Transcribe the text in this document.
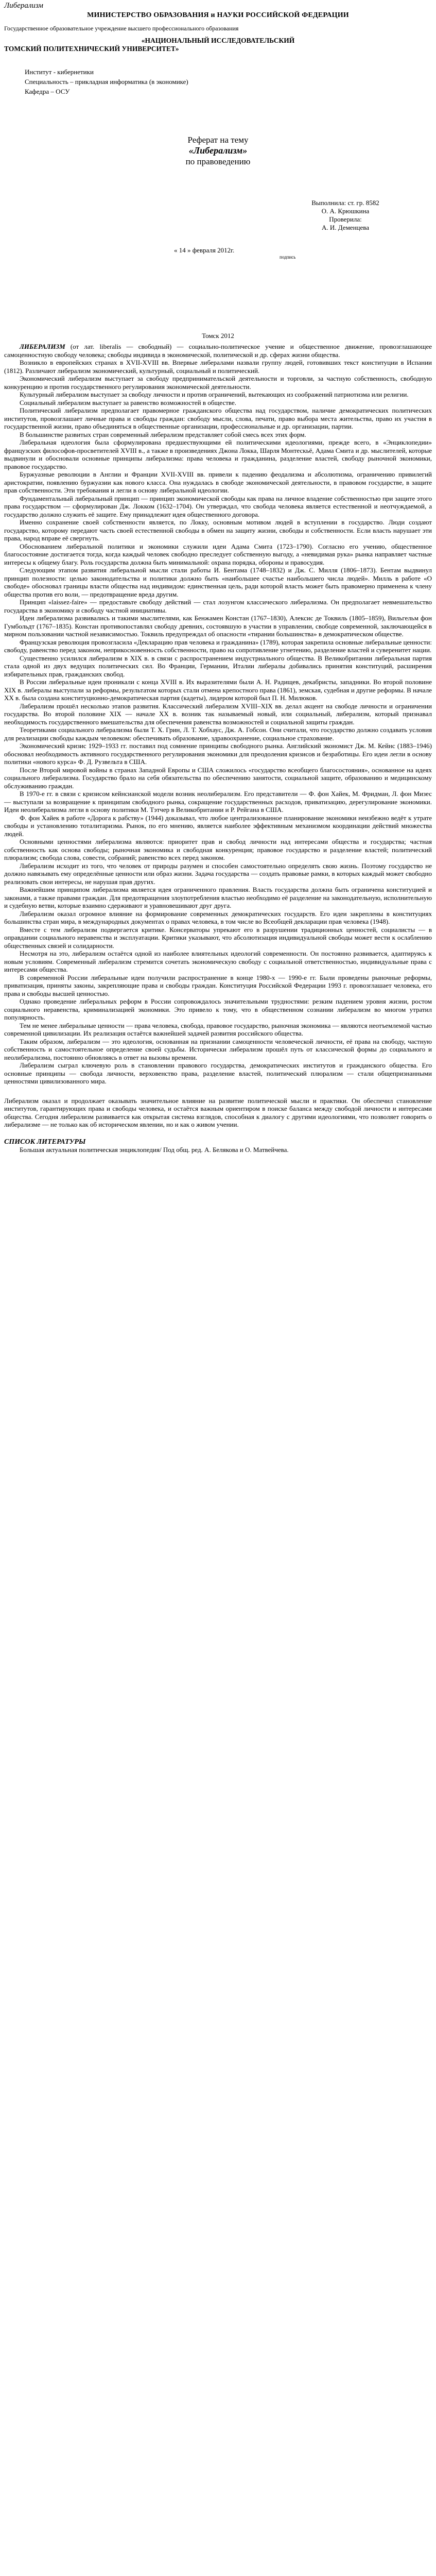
Либерализм
МИНИСТЕРСТВО ОБРАЗОВАНИЯ и НАУКИ РОССИЙСКОЙ ФЕДЕРАЦИИ
Государственное образовательное учреждение высшего профессионального образования
«НАЦИОНАЛЬНЫЙ ИССЛЕДОВАТЕЛЬСКИЙ
ТОМСКИЙ ПОЛИТЕХНИЧЕСКИЙ УНИВЕРСИТЕТ»
Институт - кибернетики
Специальность – прикладная информатика (в экономике)
Кафедра – ОСУ
Реферат на тему
«Либерализм»
по правоведению
Выполнила: ст. гр. 8582
О. А. Крюшкина
Проверила:
А. И. Деменцева
« 14 » февраля 2012г.
подпись
Томск 2012

ЛИБЕРАЛИЗМ (от лат. liberalis — свободный) — социально-политическое учение и общественное движение, провозглашающее самоценностную свободу человека; свободы индивида в экономической, политической и др. сферах жизни общества.

Возникло в европейских странах в XVII-XVIII вв. Впервые либералами назвали группу людей, готовивших текст конституции в Испании (1812). Различают либерализм экономический, культурный, социальный и политический.

Экономический либерализм выступает за свободу предпринимательской деятельности и торговли, за частную собственность, свободную конкуренцию и против государственного регулирования экономической деятельности.

Культурный либерализм выступает за свободу личности и против ограничений, вытекающих из соображений патриотизма или религии.

Социальный либерализм выступает за равенство возможностей в обществе.

Политический либерализм предполагает правомерное гражданского общества над государством, наличие демократических политических институтов, провозглашает личные права и свободы граждан: свободу мысли, слова, печати, право выбора места жительства, право их участия в государственной жизни, право объединяться в общественные организации, профессиональные и др. организации, партии.

В большинстве развитых стран современный либерализм представляет собой смесь всех этих форм.

Либеральная идеология была сформулирована предшествующими ей политическими идеологиями, прежде всего, в «Энциклопедии» французских философов-просветителей XVIII в., а также в произведениях Джона Локка, Шарля Монтескьё, Адама Смита и др. мыслителей, которые выдвинули и обосновали основные принципы либерализма: права человека и гражданина, разделение властей, свободу рыночной экономики, правовое государство.

Буржуазные революции в Англии и Франции XVII-XVIII вв. привели к падению феодализма и абсолютизма, ограничению привилегий аристократии, появлению буржуазии как нового класса. Она нуждалась в свободе экономической деятельности, в правовом государстве, в защите прав собственности. Эти требования и легли в основу либеральной идеологии.

Фундаментальный либеральный принцип — принцип экономической свободы как права на личное владение собственностью при защите этого права государством — сформулирован Дж. Локком (1632–1704). Он утверждал, что свобода человека является естественной и неотчуждаемой, а государство должно служить её защите. Ему принадлежит идея общественного договора.

Именно сохранение своей собственности является, по Локку, основным мотивом людей в вступлении в государство. Люди создают государство, которому передают часть своей естественной свободы в обмен на защиту жизни, свободы и собственности. Если власть нарушает эти права, народ вправе её свергнуть.

Обоснованием либеральной политики и экономики служили идеи Адама Смита (1723–1790). Согласно его учению, общественное благосостояние достигается тогда, когда каждый человек свободно преследует собственную выгоду, а «невидимая рука» рынка направляет частные интересы к общему благу. Роль государства должна быть минимальной: охрана порядка, обороны и правосудия.

Следующим этапом развития либеральной мысли стали работы И. Бентама (1748–1832) и Дж. С. Милля (1806–1873). Бентам выдвинул принцип полезности: целью законодательства и политики должно быть «наибольшее счастье наибольшего числа людей». Милль в работе «О свободе» обосновал границы власти общества над индивидом: единственная цель, ради которой власть может быть правомерно применена к члену общества против его воли, — предотвращение вреда другим.

Принцип «laissez-faire» — предоставьте свободу действий — стал лозунгом классического либерализма. Он предполагает невмешательство государства в экономику и свободу частной инициативы.

Идеи либерализма развивались и такими мыслителями, как Бенжамен Констан (1767–1830), Алексис де Токвиль (1805–1859), Вильгельм фон Гумбольдт (1767–1835). Констан противопоставлял свободу древних, состоявшую в участии в управлении, свободе современной, заключающейся в мирном пользовании частной независимостью. Токвиль предупреждал об опасности «тирании большинства» в демократическом обществе.

Французская революция провозгласила «Декларацию прав человека и гражданина» (1789), которая закрепила основные либеральные ценности: свободу, равенство перед законом, неприкосновенность собственности, право на сопротивление угнетению, разделение властей и суверенитет нации.

Существенно усилился либерализм в XIX в. в связи с распространением индустриального общества. В Великобритании либеральная партия стала одной из двух ведущих политических сил. Во Франции, Германии, Италии либералы добивались принятия конституций, расширения избирательных прав, гражданских свобод.

В России либеральные идеи проникали с конца XVIII в. Их выразителями были А. Н. Радищев, декабристы, западники. Во второй половине XIX в. либералы выступали за реформы, результатом которых стали отмена крепостного права (1861), земская, судебная и другие реформы. В начале XX в. была создана конституционно-демократическая партия (кадеты), лидером которой был П. Н. Милюков.

Либерализм прошёл несколько этапов развития. Классический либерализм XVIII–XIX вв. делал акцент на свободе личности и ограничении государства. Во второй половине XIX — начале XX в. возник так называемый новый, или социальный, либерализм, который признавал необходимость государственного вмешательства для обеспечения равенства возможностей и социальной защиты граждан.

Теоретиками социального либерализма были Т. Х. Грин, Л. Т. Хобхаус, Дж. А. Гобсон. Они считали, что государство должно создавать условия для реализации свободы каждым человеком: обеспечивать образование, здравоохранение, социальное страхование.

Экономический кризис 1929–1933 гг. поставил под сомнение принципы свободного рынка. Английский экономист Дж. М. Кейнс (1883–1946) обосновал необходимость активного государственного регулирования экономики для преодоления кризисов и безработицы. Его идеи легли в основу политики «нового курса» Ф. Д. Рузвельта в США.

После Второй мировой войны в странах Западной Европы и США сложилось «государство всеобщего благосостояния», основанное на идеях социального либерализма. Государство брало на себя обязательства по обеспечению занятости, социальной защите, образованию и медицинскому обслуживанию граждан.

В 1970-е гг. в связи с кризисом кейнсианской модели возник неолиберализм. Его представители — Ф. фон Хайек, М. Фридман, Л. фон Мизес — выступали за возвращение к принципам свободного рынка, сокращение государственных расходов, приватизацию, дерегулирование экономики. Идеи неолиберализма легли в основу политики М. Тэтчер в Великобритании и Р. Рейгана в США.

Ф. фон Хайек в работе «Дорога к рабству» (1944) доказывал, что любое централизованное планирование экономики неизбежно ведёт к утрате свободы и установлению тоталитаризма. Рынок, по его мнению, является наиболее эффективным механизмом координации действий множества людей.

Основными ценностями либерализма являются: приоритет прав и свобод личности над интересами общества и государства; частная собственность как основа свободы; рыночная экономика и свободная конкуренция; правовое государство и разделение властей; политический плюрализм; свобода слова, совести, собраний; равенство всех перед законом.

Либерализм исходит из того, что человек от природы разумен и способен самостоятельно определять свою жизнь. Поэтому государство не должно навязывать ему определённые ценности или образ жизни. Задача государства — создать правовые рамки, в которых каждый может свободно реализовать свои интересы, не нарушая прав других.

Важнейшим принципом либерализма является идея ограниченного правления. Власть государства должна быть ограничена конституцией и законами, а также правами граждан. Для предотвращения злоупотребления властью необходимо её разделение на законодательную, исполнительную и судебную ветви, которые взаимно сдерживают и уравновешивают друг друга.

Либерализм оказал огромное влияние на формирование современных демократических государств. Его идеи закреплены в конституциях большинства стран мира, в международных документах о правах человека, в том числе во Всеобщей декларации прав человека (1948).

Вместе с тем либерализм подвергается критике. Консерваторы упрекают его в разрушении традиционных ценностей, социалисты — в оправдании социального неравенства и эксплуатации. Критики указывают, что абсолютизация индивидуальной свободы может вести к ослаблению общественных связей и солидарности.

Несмотря на это, либерализм остаётся одной из наиболее влиятельных идеологий современности. Он постоянно развивается, адаптируясь к новым условиям. Современный либерализм стремится сочетать экономическую свободу с социальной ответственностью, индивидуальные права с интересами общества.

В современной России либеральные идеи получили распространение в конце 1980-х — 1990-е гг. Были проведены рыночные реформы, приватизация, приняты законы, закрепляющие права и свободы граждан. Конституция Российской Федерации 1993 г. провозглашает человека, его права и свободы высшей ценностью.

Однако проведение либеральных реформ в России сопровождалось значительными трудностями: резким падением уровня жизни, ростом социального неравенства, криминализацией экономики. Это привело к тому, что в общественном сознании либерализм во многом утратил популярность.

Тем не менее либеральные ценности — права человека, свобода, правовое государство, рыночная экономика — являются неотъемлемой частью современной цивилизации. Их реализация остаётся важнейшей задачей развития российского общества.

Таким образом, либерализм — это идеология, основанная на признании самоценности человеческой личности, её права на свободу, частную собственность и самостоятельное определение своей судьбы. Исторически либерализм прошёл путь от классической формы до социального и неолиберализма, постоянно обновляясь в ответ на вызовы времени.

Либерализм сыграл ключевую роль в становлении правового государства, демократических институтов и гражданского общества. Его основные принципы — свобода личности, верховенство права, разделение властей, политический плюрализм — стали общепризнанными ценностями цивилизованного мира.

Либерализм оказал и продолжает оказывать значительное влияние на развитие политической мысли и практики. Он обеспечил становление институтов, гарантирующих права и свободы человека, и остаётся важным ориентиром в поиске баланса между свободой личности и интересами общества. Сегодня либерализм развивается как открытая система взглядов, способная к диалогу с другими идеологиями, что позволяет говорить о либерализме — не только как об историческом явлении, но и как о живом учении.
СПИСОК ЛИТЕРАТУРЫ

Большая актуальная политическая энциклопедия/ Под общ. ред. А. Белякова и О. Матвейчева.
